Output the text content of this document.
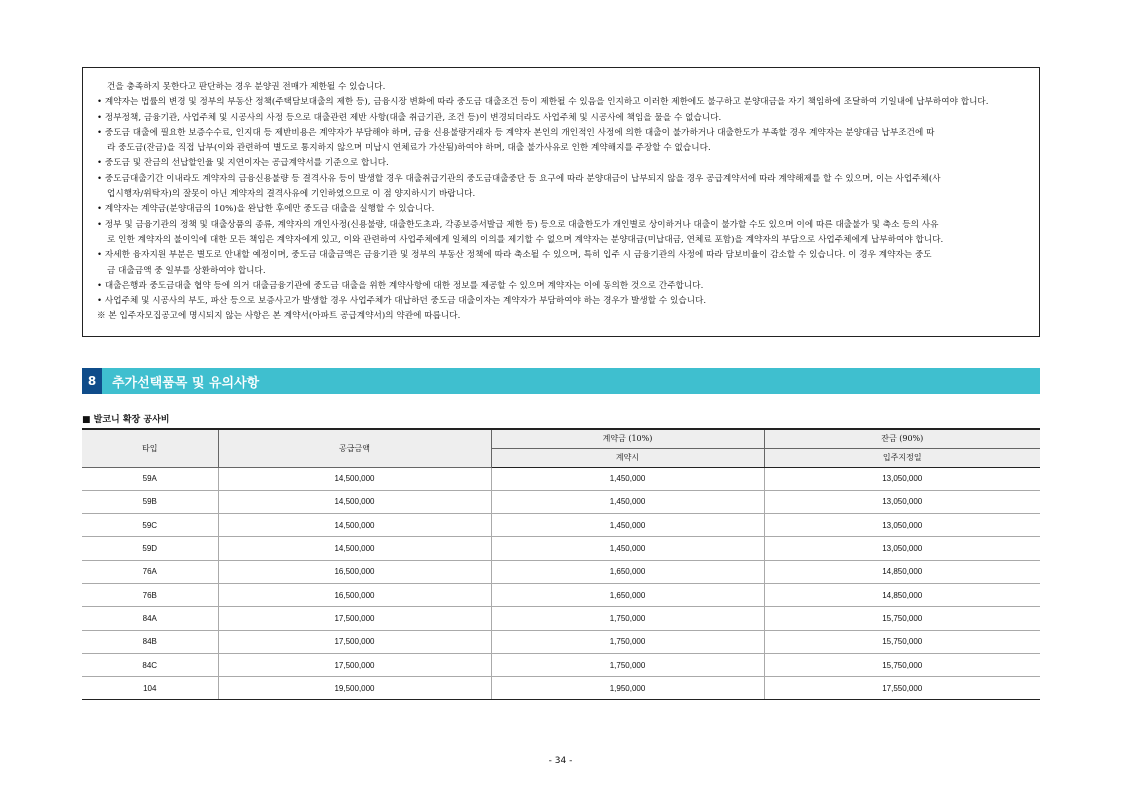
건을 충족하지 못한다고 판단하는 경우 분양권 전매가 제한될 수 있습니다.
• 계약자는 법률의 변경 및 정부의 부동산 정책(주택담보대출의 제한 등), 금융시장 변화에 따라 중도금 대출조건 등이 제한될 수 있음을 인지하고 이러한 제한에도 불구하고 분양대금을 자기 책임하에 조달하여 기일내에 납부하여야 합니다.
• 정부정책, 금융기관, 사업주체 및 시공사의 사정 등으로 대출관련 제반 사항(대출 취급기관, 조건 등)이 변경되더라도 사업주체 및 시공사에 책임을 물을 수 없습니다.
• 중도금 대출에 필요한 보증수수료, 인지대 등 제반비용은 계약자가 부담해야 하며, 금융 신용불량거래자 등 계약자 본인의 개인적인 사정에 의한 대출이 불가하거나 대출한도가 부족할 경우 계약자는 분양대금 납부조건에 따
라 중도금(잔금)을 직접 납부(이와 관련하여 별도로 통지하지 않으며 미납시 연체료가 가산됨)하여야 하며, 대출 불가사유로 인한 계약해지를 주장할 수 없습니다.
• 중도금 및 잔금의 선납할인율 및 지연이자는 공급계약서를 기준으로 합니다.
• 중도금대출기간 이내라도 계약자의 금융신용불량 등 결격사유 등이 발생할 경우 대출취급기관의 중도금대출중단 등 요구에 따라 분양대금이 납부되지 않을 경우 공급계약서에 따라 계약해제를 할 수 있으며, 이는 사업주체(사
업시행자/위탁자)의 잘못이 아닌 계약자의 결격사유에 기인하였으므로 이 점 양지하시기 바랍니다.
• 계약자는 계약금(분양대금의 10%)을 완납한 후에만 중도금 대출을 실행할 수 있습니다.
• 정부 및 금융기관의 정책 및 대출상품의 종류, 계약자의 개인사정(신용불량, 대출한도초과, 각종보증서발급 제한 등) 등으로 대출한도가 개인별로 상이하거나 대출이 불가할 수도 있으며 이에 따른 대출불가 및 축소 등의 사유
로 인한 계약자의 불이익에 대한 모든 책임은 계약자에게 있고, 이와 관련하여 사업주체에게 일체의 이의를 제기할 수 없으며 계약자는 분양대금(미납대금, 연체료 포함)을 계약자의 부담으로 사업주체에게 납부하여야 합니다.
• 자세한 융자지원 부분은 별도로 안내할 예정이며, 중도금 대출금액은 금융기관 및 정부의 부동산 정책에 따라 축소될 수 있으며, 특히 입주 시 금융기관의 사정에 따라 담보비율이 감소할 수 있습니다. 이 경우 계약자는 중도
금 대출금액 중 일부를 상환하여야 합니다.
• 대출은행과 중도금대출 협약 등에 의거 대출금융기관에 중도금 대출을 위한 계약사항에 대한 정보를 제공할 수 있으며 계약자는 이에 동의한 것으로 간주합니다.
• 사업주체 및 시공사의 부도, 파산 등으로 보증사고가 발생할 경우 사업주체가 대납하던 중도금 대출이자는 계약자가 부담하여야 하는 경우가 발생할 수 있습니다.
※ 본 입주자모집공고에 명시되지 않는 사항은 본 계약서(아파트 공급계약서)의 약관에 따릅니다.
8	추가선택품목 및 유의사항
■ 발코니 확장 공사비
타입	공급금액	계약금 (10%)	잔금 (90%)
		계약시	입주지정일
59A	14,500,000	1,450,000	13,050,000
59B	14,500,000	1,450,000	13,050,000
59C	14,500,000	1,450,000	13,050,000
59D	14,500,000	1,450,000	13,050,000
76A	16,500,000	1,650,000	14,850,000
76B	16,500,000	1,650,000	14,850,000
84A	17,500,000	1,750,000	15,750,000
84B	17,500,000	1,750,000	15,750,000
84C	17,500,000	1,750,000	15,750,000
104	19,500,000	1,950,000	17,550,000
- 34 -
